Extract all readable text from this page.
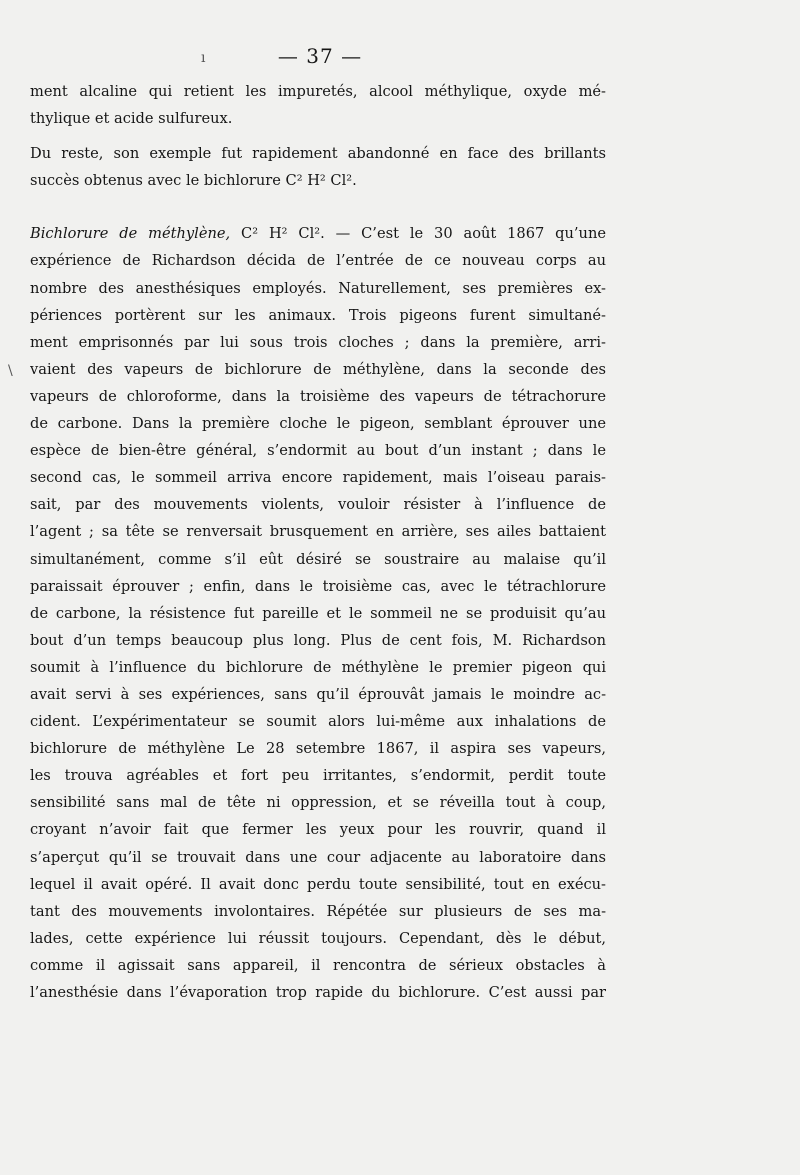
— 37 —
ı
\

ment alcaline qui retient les impuretés, alcool méthylique, oxyde mé-
thylique et acide sulfureux.

Du reste, son exemple fut rapidement abandonné en face des brillants
succès obtenus avec le bichlorure C² H² Cl².

Bichlorure de méthylène, C² H² Cl². — C’est le 30 août 1867 qu’une
expérience de Richardson décida de l’entrée de ce nouveau corps au
nombre des anesthésiques employés. Naturellement, ses premières ex-
périences portèrent sur les animaux. Trois pigeons furent simultané-
ment emprisonnés par lui sous trois cloches ; dans la première, arri-
vaient des vapeurs de bichlorure de méthylène, dans la seconde des
vapeurs de chloroforme, dans la troisième des vapeurs de tétrachorure
de carbone. Dans la première cloche le pigeon, semblant éprouver une
espèce de bien-être général, s’endormit au bout d’un instant ; dans le
second cas, le sommeil arriva encore rapidement, mais l’oiseau parais-
sait, par des mouvements violents, vouloir résister à l’influence de
l’agent ; sa tête se renversait brusquement en arrière, ses ailes battaient
simultanément, comme s’il eût désiré se soustraire au malaise qu’il
paraissait éprouver ; enfin, dans le troisième cas, avec le tétrachlorure
de carbone, la résistence fut pareille et le sommeil ne se produisit qu’au
bout d’un temps beaucoup plus long. Plus de cent fois, M. Richardson
soumit à l’influence du bichlorure de méthylène le premier pigeon qui
avait servi à ses expériences, sans qu’il éprouvât jamais le moindre ac-
cident. L’expérimentateur se soumit alors lui-même aux inhalations de
bichlorure de méthylène Le 28 setembre 1867, il aspira ses vapeurs,
les trouva agréables et fort peu irritantes, s’endormit, perdit toute
sensibilité sans mal de tête ni oppression, et se réveilla tout à coup,
croyant n’avoir fait que fermer les yeux pour les rouvrir, quand il
s’aperçut qu’il se trouvait dans une cour adjacente au laboratoire dans
lequel il avait opéré. Il avait donc perdu toute sensibilité, tout en exécu-
tant des mouvements involontaires. Répétée sur plusieurs de ses ma-
lades, cette expérience lui réussit toujours. Cependant, dès le début,
comme il agissait sans appareil, il rencontra de sérieux obstacles à
l’anesthésie dans l’évaporation trop rapide du bichlorure. C’est aussi par
